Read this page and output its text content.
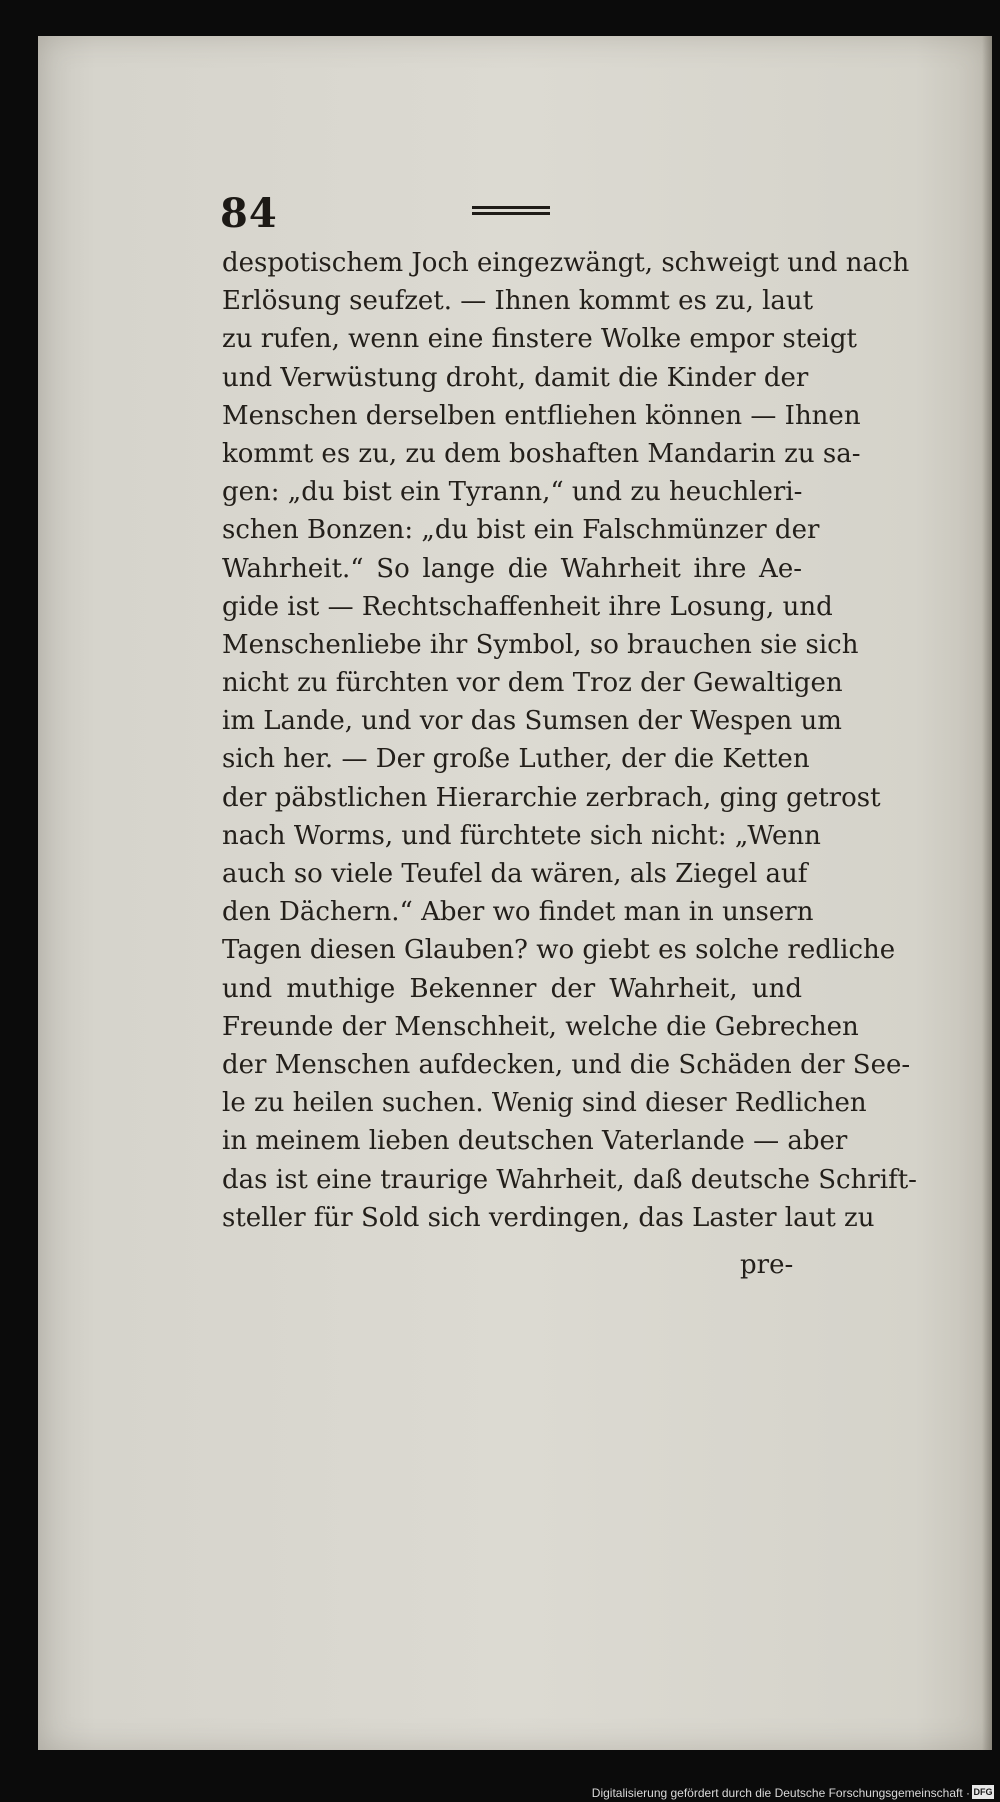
84
despotischem Joch eingezwängt, schweigt und nach
Erlösung seufzet. — Ihnen kommt es zu, laut
zu rufen, wenn eine finstere Wolke empor steigt
und Verwüstung droht, damit die Kinder der
Menschen derselben entfliehen können — Ihnen
kommt es zu, zu dem boshaften Mandarin zu sa-
gen: „du bist ein Tyrann,“ und zu heuchleri-
schen Bonzen: „du bist ein Falschmünzer der
Wahrheit.“ So lange die Wahrheit ihre Ae-
gide ist — Rechtschaffenheit ihre Losung, und
Menschenliebe ihr Symbol, so brauchen sie sich
nicht zu fürchten vor dem Troz der Gewaltigen
im Lande, und vor das Sumsen der Wespen um
sich her. — Der große Luther, der die Ketten
der päbstlichen Hierarchie zerbrach, ging getrost
nach Worms, und fürchtete sich nicht: „Wenn
auch so viele Teufel da wären, als Ziegel auf
den Dächern.“ Aber wo findet man in unsern
Tagen diesen Glauben? wo giebt es solche redliche
und muthige Bekenner der Wahrheit, und
Freunde der Menschheit, welche die Gebrechen
der Menschen aufdecken, und die Schäden der See-
le zu heilen suchen. Wenig sind dieser Redlichen
in meinem lieben deutschen Vaterlande — aber
das ist eine traurige Wahrheit, daß deutsche Schrift-
steller für Sold sich verdingen, das Laster laut zu
pre-
Digitalisierung gefördert durch die Deutsche Forschungsgemeinschaft · DFG
